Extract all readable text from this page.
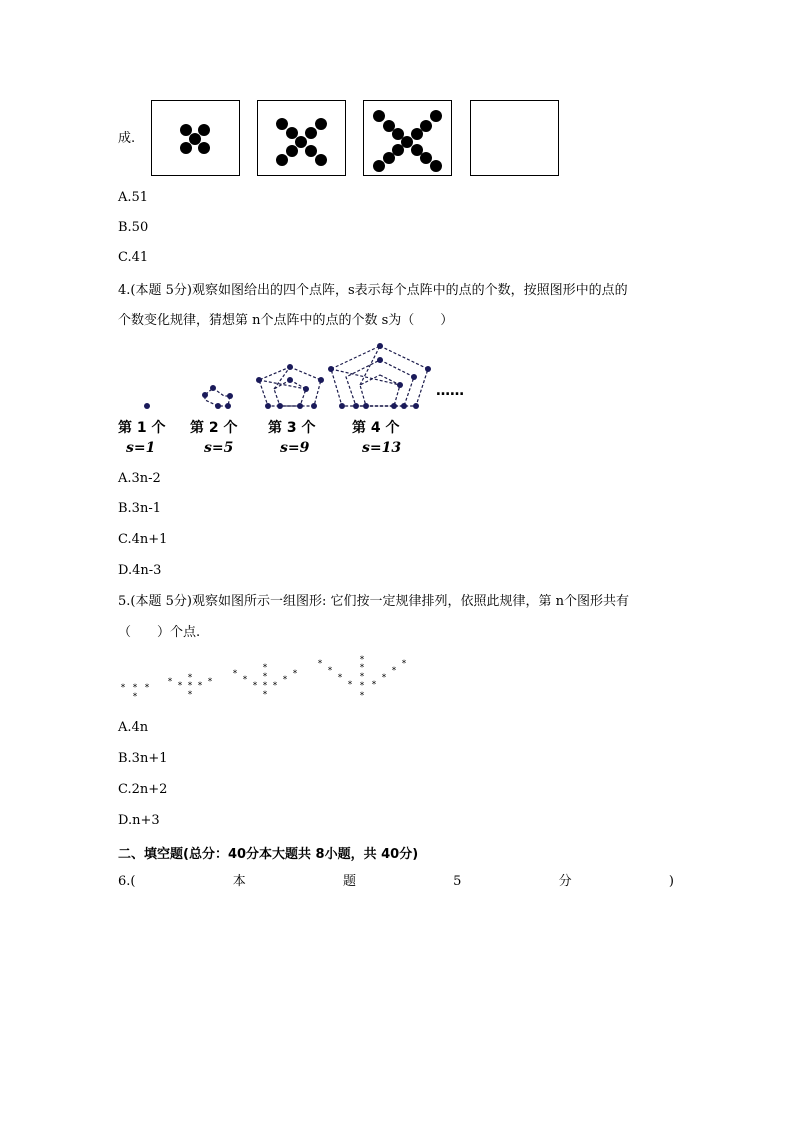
成.
A.51
B.50
C.41
4.(本题 5分)观察如图给出的四个点阵，s表示每个点阵中的点的个数，按照图形中的点的
个数变化规律，猜想第 n个点阵中的点的个数 s为（　　）
……
第 1 个 第 2 个 第 3 个	第 4 个
s=1	s=5	s=9	s=13
A.3n-2
B.3n-1
C.4n+1
D.4n-3
5.(本题 5分)观察如图所示一组图形: 它们按一定规律排列，依照此规律，第 n个图形共有
（　　）个点.
* * *
*
* *
*
* * *
*
*
*
*
*
*
* *
*
*
*
*
*
*
*
*
*
*
* *
*
*
*
*
A.4n
B.3n+1
C.2n+2
D.n+3
二、填空题(总分：40分本大题共 8小题，共 40分)
6.(	本	题	5	分	)
